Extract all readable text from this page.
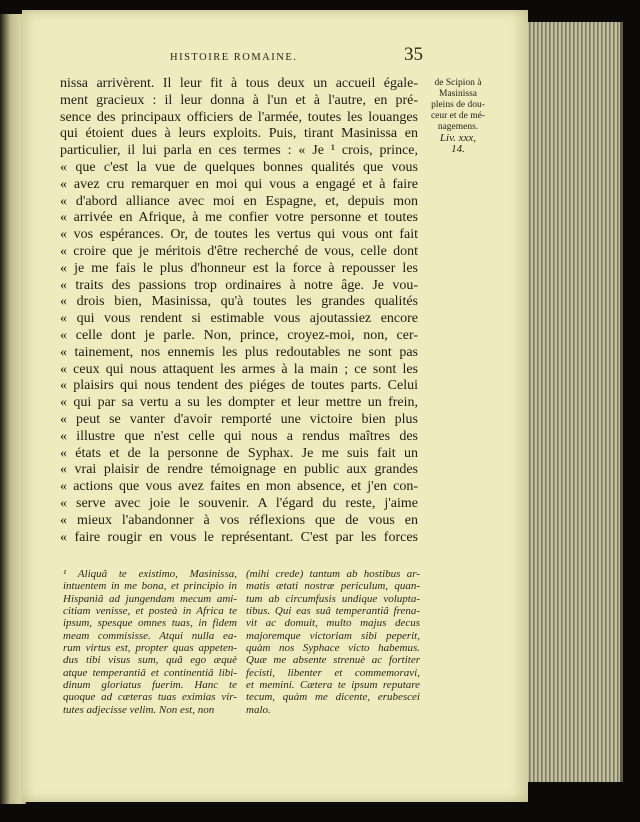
HISTOIRE ROMAINE.	35
de Scipion à
Masinissa
pleins de dou-
ceur et de mé-
nagemens.
Liv. xxx,
14.
nissa arrivèrent. Il leur fit à tous deux un accueil égale-
ment gracieux : il leur donna à l'un et à l'autre, en pré-
sence des principaux officiers de l'armée, toutes les louanges
qui étoient dues à leurs exploits. Puis, tirant Masinissa en
particulier, il lui parla en ces termes : « Je ¹ crois, prince,
« que c'est la vue de quelques bonnes qualités que vous
« avez cru remarquer en moi qui vous a engagé et à faire
« d'abord alliance avec moi en Espagne, et, depuis mon
« arrivée en Afrique, à me confier votre personne et toutes
« vos espérances. Or, de toutes les vertus qui vous ont fait
« croire que je méritois d'être recherché de vous, celle dont
« je me fais le plus d'honneur est la force à repousser les
« traits des passions trop ordinaires à notre âge. Je vou-
« drois bien, Masinissa, qu'à toutes les grandes qualités
« qui vous rendent si estimable vous ajoutassiez encore
« celle dont je parle. Non, prince, croyez-moi, non, cer-
« tainement, nos ennemis les plus redoutables ne sont pas
« ceux qui nous attaquent les armes à la main ; ce sont les
« plaisirs qui nous tendent des piéges de toutes parts. Celui
« qui par sa vertu a su les dompter et leur mettre un frein,
« peut se vanter d'avoir remporté une victoire bien plus
« illustre que n'est celle qui nous a rendus maîtres des
« états et de la personne de Syphax. Je me suis fait un
« vrai plaisir de rendre témoignage en public aux grandes
« actions que vous avez faites en mon absence, et j'en con-
« serve avec joie le souvenir. A l'égard du reste, j'aime
« mieux l'abandonner à vos réflexions que de vous en
« faire rougir en vous le représentant. C'est par les forces
¹ Aliquâ te existimo, Masinissa,
intuentem in me bona, et principio in
Hispaniâ ad jungendam mecum ami-
citiam venisse, et posteà in Africa te
ipsum, spesque omnes tuas, in fidem
meam commisisse. Atqui nulla ea-
rum virtus est, propter quas appeten-
dus tibi visus sum, quâ ego æquè
atque temperantiâ et continentiâ libi-
dinum gloriatus fuerim. Hanc te
quoque ad cæteras tuas eximias vir-
tutes adjecisse velim. Non est, non
(mihi crede) tantum ab hostibus ar-
matis ætati nostræ periculum, quan-
tum ab circumfusis undique volupta-
tibus. Qui eas suâ temperantiâ frena-
vit ac domuit, multo majus decus
majoremque victoriam sibi peperit,
quàm nos Syphace victo habemus.
Quæ me absente strenuè ac fortiter
fecisti, libenter et commemoravi,
et memini. Cætera te ipsum reputare
tecum, quàm me dicente, erubescei
malo.
